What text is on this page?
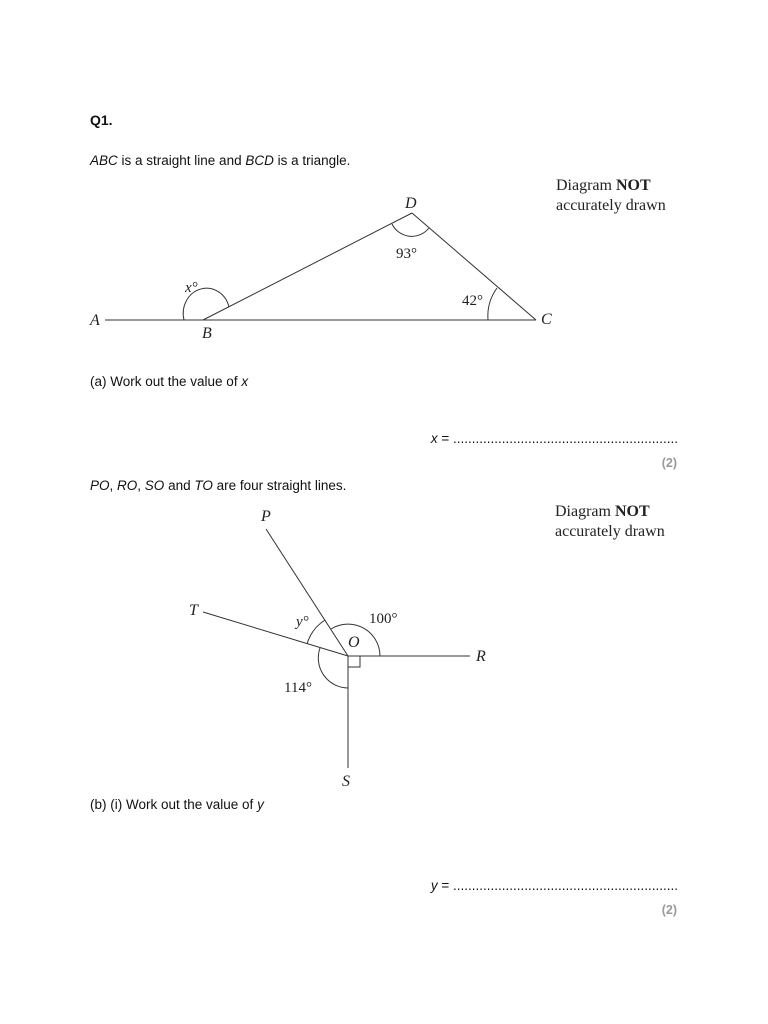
Q1.
ABC is a straight line and BCD is a triangle.
Diagram NOT
accurately drawn
A
B
C
D
x°
93°
42°
P
T
O
R
S
y°	100°
114°
(a) Work out the value of x
x = ............................................................
(2)
PO, RO, SO and TO are four straight lines.
Diagram NOT
accurately drawn
(b) (i) Work out the value of y
y = ............................................................
(2)
